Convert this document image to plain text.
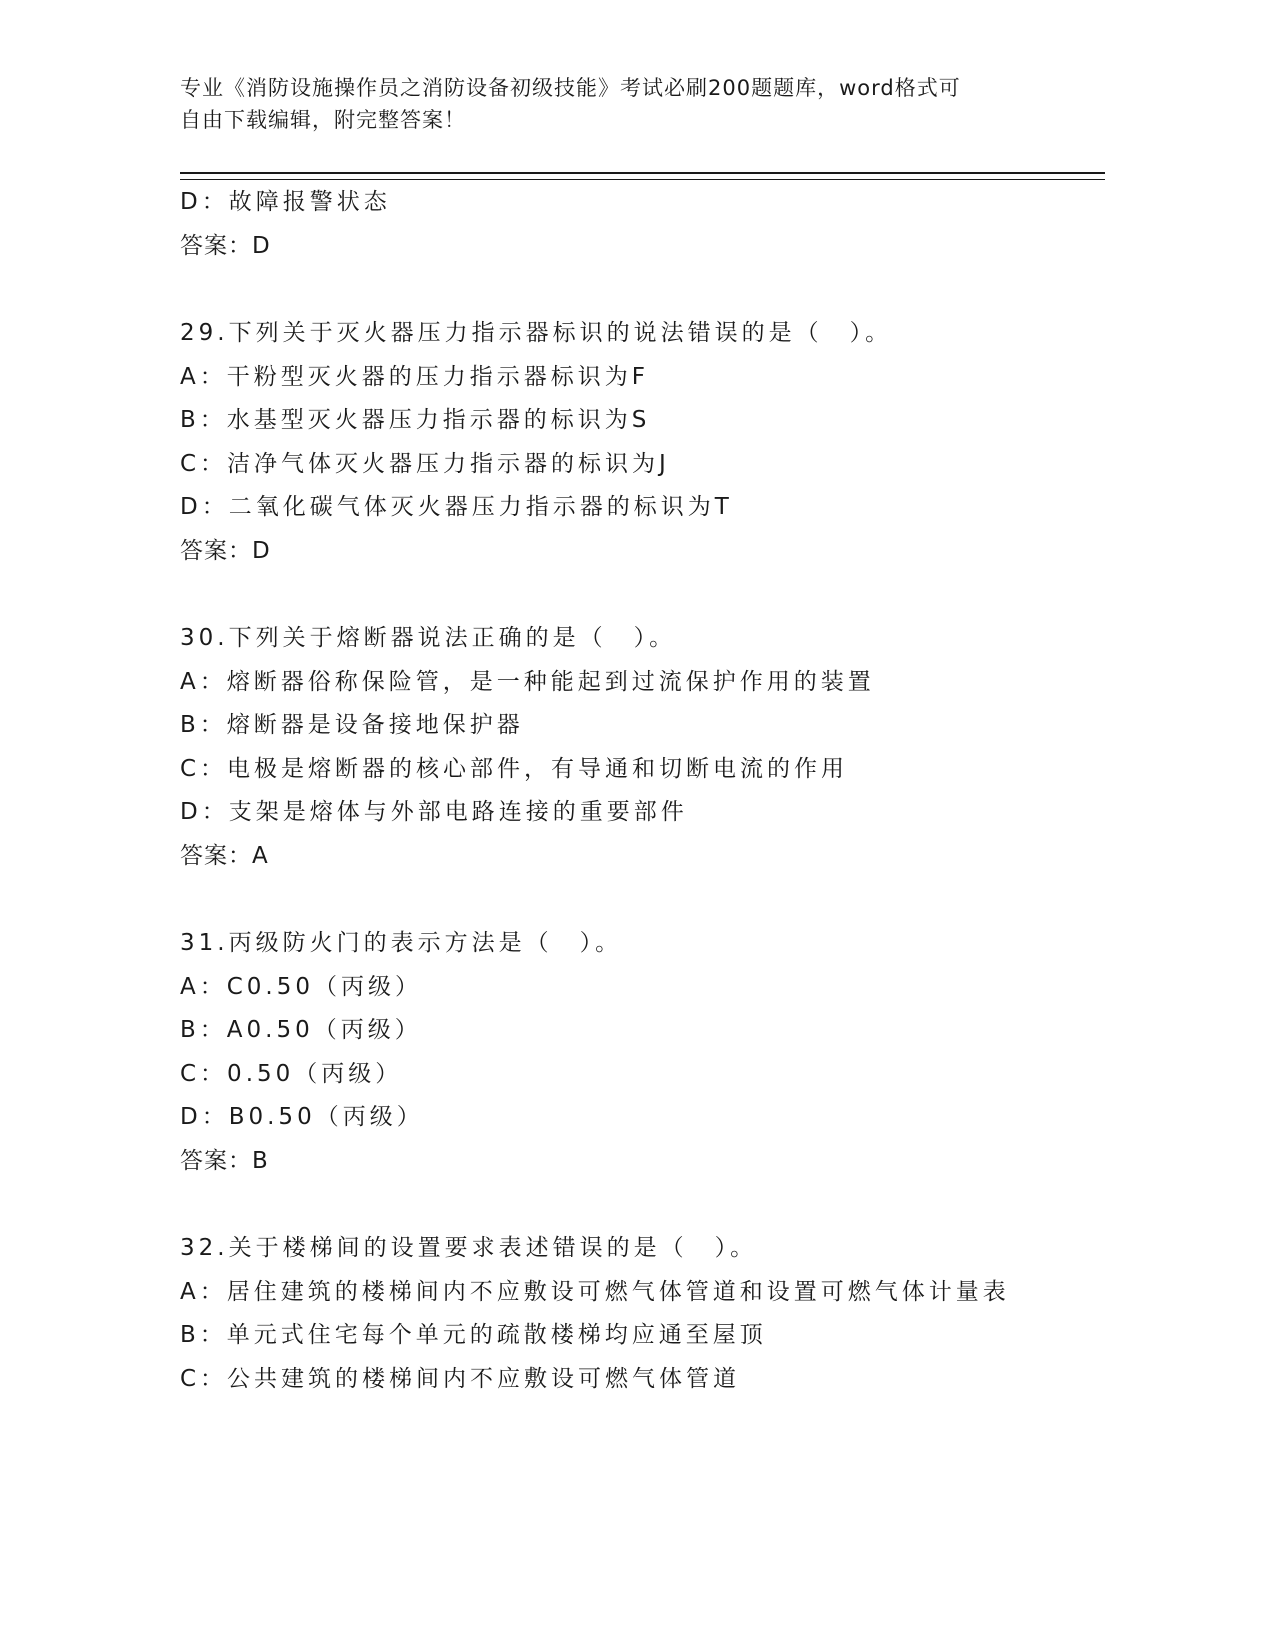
专业《消防设施操作员之消防设备初级技能》考试必刷200题题库，word格式可
自由下载编辑，附完整答案！
D：故障报警状态
答案：D
29.下列关于灭火器压力指示器标识的说法错误的是（　）。
A：干粉型灭火器的压力指示器标识为F
B：水基型灭火器压力指示器的标识为S
C：洁净气体灭火器压力指示器的标识为J
D：二氧化碳气体灭火器压力指示器的标识为T
答案：D
30.下列关于熔断器说法正确的是（　）。
A：熔断器俗称保险管，是一种能起到过流保护作用的装置
B：熔断器是设备接地保护器
C：电极是熔断器的核心部件，有导通和切断电流的作用
D：支架是熔体与外部电路连接的重要部件
答案：A
31.丙级防火门的表示方法是（　）。
A：C0.50（丙级）
B：A0.50（丙级）
C：0.50（丙级）
D：B0.50（丙级）
答案：B
32.关于楼梯间的设置要求表述错误的是（　）。
A：居住建筑的楼梯间内不应敷设可燃气体管道和设置可燃气体计量表
B：单元式住宅每个单元的疏散楼梯均应通至屋顶
C：公共建筑的楼梯间内不应敷设可燃气体管道
